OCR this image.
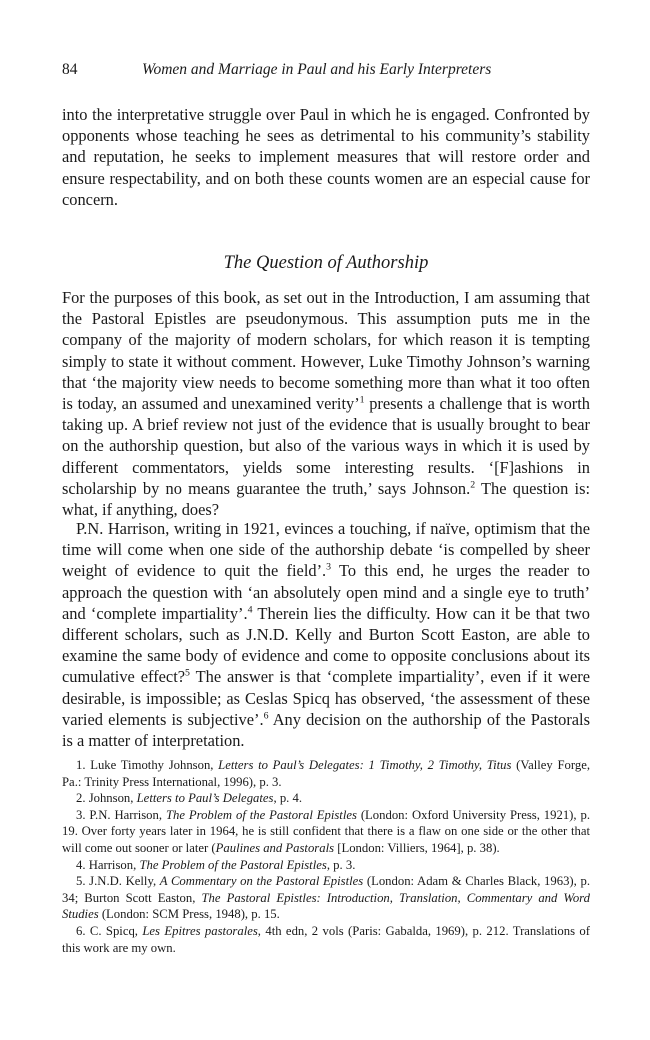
84	Women and Marriage in Paul and his Early Interpreters

into the interpretative struggle over Paul in which he is engaged. Confronted by opponents whose teaching he sees as detrimental to his community’s stability and reputation, he seeks to implement measures that will restore order and ensure respectability, and on both these counts women are an especial cause for concern.

The Question of Authorship

For the purposes of this book, as set out in the Introduction, I am assuming that the Pastoral Epistles are pseudonymous. This assumption puts me in the company of the majority of modern scholars, for which reason it is tempting simply to state it without comment. However, Luke Timothy Johnson’s warning that ‘the majority view needs to become something more than what it too often is today, an assumed and unexamined verity’$^1$ presents a challenge that is worth taking up. A brief review not just of the evidence that is usually brought to bear on the authorship question, but also of the various ways in which it is used by different commentators, yields some interesting results. ‘[F]ashions in scholarship by no means guarantee the truth,’ says Johnson.$^2$ The question is: what, if anything, does?

P.N. Harrison, writing in 1921, evinces a touching, if naïve, optimism that the time will come when one side of the authorship debate ‘is compelled by sheer weight of evidence to quit the field’.$^3$ To this end, he urges the reader to approach the question with ‘an absolutely open mind and a single eye to truth’ and ‘complete impartiality’.$^4$ Therein lies the difficulty. How can it be that two different scholars, such as J.N.D. Kelly and Burton Scott Easton, are able to examine the same body of evidence and come to opposite conclusions about its cumulative effect?$^5$ The answer is that ‘complete impartiality’, even if it were desirable, is impossible; as Ceslas Spicq has observed, ‘the assessment of these varied elements is subjective’.$^6$ Any decision on the authorship of the Pastorals is a matter of interpretation.

1. Luke Timothy Johnson, Letters to Paul’s Delegates: 1 Timothy, 2 Timothy, Titus (Valley Forge, Pa.: Trinity Press International, 1996), p. 3.

2. Johnson, Letters to Paul’s Delegates, p. 4.

3. P.N. Harrison, The Problem of the Pastoral Epistles (London: Oxford University Press, 1921), p. 19. Over forty years later in 1964, he is still confident that there is a flaw on one side or the other that will come out sooner or later (Paulines and Pastorals [London: Villiers, 1964], p. 38).

4. Harrison, The Problem of the Pastoral Epistles, p. 3.

5. J.N.D. Kelly, A Commentary on the Pastoral Epistles (London: Adam & Charles Black, 1963), p. 34; Burton Scott Easton, The Pastoral Epistles: Introduction, Translation, Commentary and Word Studies (London: SCM Press, 1948), p. 15.

6. C. Spicq, Les Epitres pastorales, 4th edn, 2 vols (Paris: Gabalda, 1969), p. 212. Translations of this work are my own.
